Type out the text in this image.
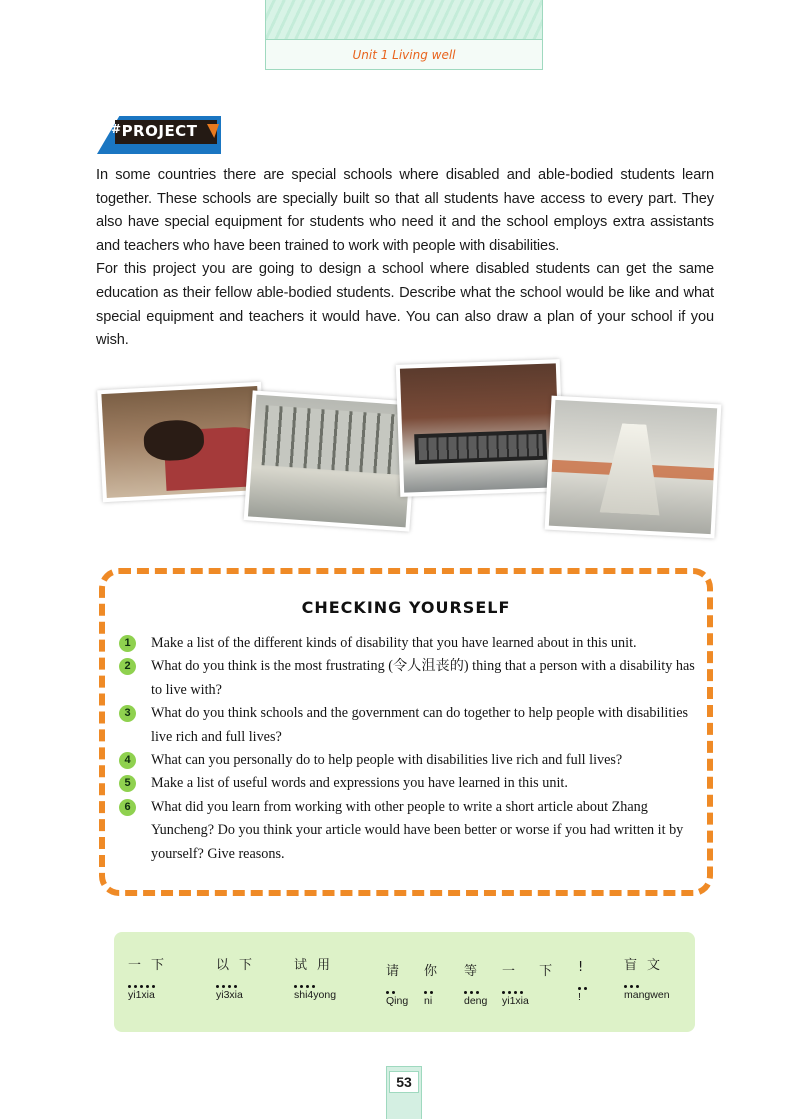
Unit 1 Living well
#PROJECT

In some countries there are special schools where disabled and able-bodied students learn together. These schools are specially built so that all students have access to every part. They also have special equipment for students who need it and the school employs extra assistants and teachers who have been trained to work with people with disabilities.

For this project you are going to design a school where disabled students can get the same education as their fellow able-bodied students. Describe what the school would be like and what special equipment and teachers it would have. You can also draw a plan of your school if you wish.

CHECKING YOURSELF
1	Make a list of the different kinds of disability that you have learned about in this unit.
2	What do you think is the most frustrating (令人沮丧的) thing that a person with a disability has to live with?
3	What do you think schools and the government can do together to help people with disabilities live rich and full lives?
4	What can you personally do to help people with disabilities live rich and full lives?
5	Make a list of useful words and expressions you have learned in this unit.
6	What did you learn from working with other people to write a short article about Zhang Yuncheng? Do you think your article would have been better or worse if you had written it by yourself? Give reasons.
一下
yi1xia
以下
yi3xia
试用
shi4yong
请
Qing
你
ni
等
deng
一 下
yi1xia
!
!
盲文
mangwen
53
